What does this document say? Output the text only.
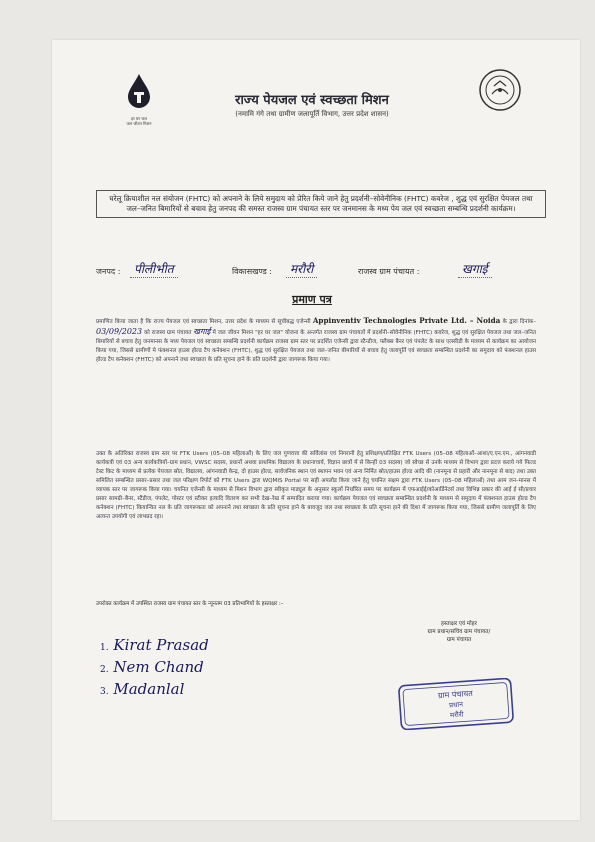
हर घर जल
जल जीवन मिशन
राज्य पेयजल एवं स्वच्छता मिशन
(नमामि गंगे तथा ग्रामीण जलापूर्ति विभाग, उत्तर प्रदेश शासन)
घरेलू क्रियाशील नल संयोजन (FHTC) को अपनाने के लिये समुदाय को प्रेरित किये जाने हेतु प्रदर्शनी–सोवेनीनिक (FHTC) कवरेज , शुद्ध एवं सुरक्षित पेयजल तथा जल–जनित बिमारियों से बचाव हेतु जनपद की समस्त राजस्व ग्राम पंचायत स्तर पर जनमानस के मध्य पेय जल एवं स्वच्छता सम्बन्धि प्रदर्शनी कार्यक्रम।
जनपद :	पीलीभीत	विकासखण्ड :	मरौरी	राजस्व ग्राम पंचायत :	खगाई
प्रमाण पत्र
प्रमाणित किया जाता है कि राज्य पेयजल एवं स्वच्छता मिशन, उत्तर प्रदेश के माध्यम से सूचीबद्ध एजेन्सी Appinventiv Technologies Private Ltd. – Noida के द्वारा दिनांक– 03/09/2023 को राजस्व ग्राम पंचायत खगाई में जल जीवन मिशन "हर घर जल" योजना के अन्तर्गत राजस्व ग्राम पंचायतों में प्रदर्शनी–सोवेनीनिक (FHTC) कवरेज, शुद्ध एवं सुरक्षित पेयजल तथा जल–जनित बिमारियों से बचाव हेतु जनमानस के मध्य पेयजल एवं स्वच्छता सम्बन्धि प्रदर्शनी कार्यक्रम राजस्व ग्राम स्तर पर प्रदर्शित एजेन्सी द्वारा स्टैन्डीज, फ्लैक्स बैनर एवं पंपलेट के साथ एलसीडी के माध्यम से कार्यक्रम का आयोजन किया गया, जिससे ग्रामीणों मे फंक्शनल हाउस होल्ड टैप कनेक्शन (FHTC), शुद्ध एवं सुरक्षित पेयजल तथा जल–जनित बीमारियों से बचाव हेतु जलापूर्ति एवं स्वच्छता सम्बन्धित प्रदर्शनी का समुदाय को फंक्शनल हाउस होल्ड टैप कनेक्शन (FHTC) को अपनाने तथा स्वच्छता के प्रति सूचना हाने के प्रति प्रदर्शनी द्वारा जागरूक किया गया।
उक्त के अतिरिक्त राजस्व ग्राम स्तर पर FTK Users (05–08 महिलाओं) के लिए जल गुणवत्ता की सर्विलांस एवं निगरानी हेतु प्रशिक्षण/प्रतिक्षित FTK Users (05–08 महिलाओं–आशा/ए.एन.एम., आंगनवाडी कार्यकत्री एवं 03 अन्य कार्यकत्रियों–ग्राम प्रधान, VWSC सदस्य, प्रधानों अथवा प्राथमिक विद्यालय के प्रधानाचार्य, विज्ञान छात्रों में से किन्हीं 03 सदस्य) जो स्वेच्छ से उनके माध्यम से विभाग द्वारा प्रदत्त कराये गये फिल्ड टेस्ट किट के माध्यम से प्रत्येक पेयजल स्रोत, विद्यालय, आंगनवाडी केन्द्र, दो हाउस होल्ड, सार्वजनिक स्थान एवं स्थापन भवन एवं अन्य निर्मित स्रोत/हाउस होल्ड आदि की (नानमूना से प्रहारी और नानमूना से बाद) तथा उक्त समिलित सम्बन्धित प्रसार–प्रसार तथा जल परिक्षण रिपोर्ट को FTK Users द्वारा WQMIS Portal पर सही अपलोड किया जाने हेतु चयनित सक्षम द्वारा FTK Users (05–08 महिलाओं) तथा आम जन–मानस में व्यापक स्तर पर जागरूक किया गया। चयनित एजेन्सी के माध्यम से मिशन विभाग द्वारा स्वीकृत माड्यूल के अनुसार स्कूलों निर्धारित समय पर कार्यक्रम में एफआईई/कोआर्डिनेटर्स तथा विभिन्न प्रकार की आई ई सी/प्रचार प्रसार सामग्री–बैनर, स्टैंडीज, पंपलेट, पोस्टर एवं स्टीकर इत्यादि वितरण कर सभी देख–रेख में सम्पादित कराया गया। कार्यक्रम पेयजल एवं स्वच्छता सम्बन्धित प्रदर्शनी के माध्यम से समुदाय में फंक्शनल हाउस होल्ड टैप कनेक्शन (FHTC) कियान्वित नल के प्रति जागरूकता को अपनाने तथा स्वच्छता के प्रति सूचना हाने के बावजूद जल तथा स्वच्छता के प्रति सूचना हाने की दिशा में जागरूक किया गया, जिससे ग्रामीण जलापूर्ति के लिए अत्यन्त उपयोगी एवं लाभप्रद रहा।
उपरोक्त कार्यक्रम में उपस्थित राजस्व ग्राम पंचायत स्तर के न्यूनतम 03 प्रतिभागियों के हस्ताक्षर :–
1. Kirat Prasad
2. Nem Chand
3. Madanlal
हस्ताक्षर एवं मोहर
ग्राम प्रधान/सचिव ग्राम पंचायत/
ग्राम पंचायत
ग्राम पंचायत
प्रधान
मरौरी
